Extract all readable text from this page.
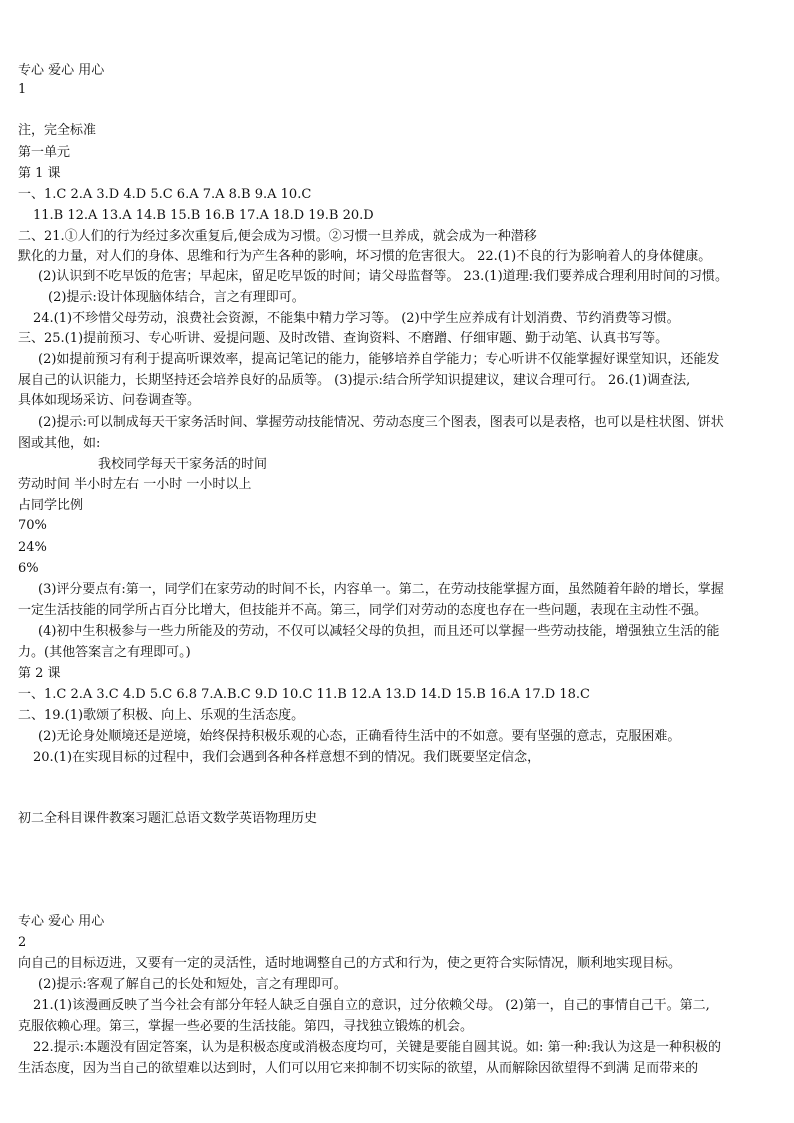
专心 爱心 用心
1
注，完全标准
第一单元
第 1 课
一、1.C 2.A 3.D 4.D 5.C 6.A 7.A 8.B 9.A 10.C
11.B 12.A 13.A 14.B 15.B 16.B 17.A 18.D 19.B 20.D
二、21.①人们的行为经过多次重复后,便会成为习惯。②习惯一旦养成，就会成为一种潜移
默化的力量，对人们的身体、思维和行为产生各种的影响，坏习惯的危害很大。 22.(1)不良的行为影响着人的身体健康。
(2)认识到不吃早饭的危害；早起床，留足吃早饭的时间；请父母监督等。 23.(1)道理:我们要养成合理利用时间的习惯。
(2)提示:设计体现脑体结合，言之有理即可。
24.(1)不珍惜父母劳动，浪费社会资源，不能集中精力学习等。 (2)中学生应养成有计划消费、节约消费等习惯。
三、25.(1)提前预习、专心听讲、爱提问题、及时改错、查询资料、不磨蹭、仔细审题、勤于动笔、认真书写等。
(2)如提前预习有利于提高听课效率，提高记笔记的能力，能够培养自学能力；专心听讲不仅能掌握好课堂知识，还能发
展自己的认识能力，长期坚持还会培养良好的品质等。 (3)提示:结合所学知识提建议，建议合理可行。 26.(1)调查法,
具体如现场采访、问卷调查等。
(2)提示:可以制成每天干家务活时间、掌握劳动技能情况、劳动态度三个图表，图表可以是表格，也可以是柱状图、饼状
图或其他，如:
我校同学每天干家务活的时间
劳动时间 半小时左右 一小时 一小时以上
占同学比例
70%
24%
6%
(3)评分要点有:第一，同学们在家劳动的时间不长，内容单一。第二，在劳动技能掌握方面，虽然随着年龄的增长，掌握
一定生活技能的同学所占百分比增大，但技能并不高。第三，同学们对劳动的态度也存在一些问题，表现在主动性不强。
(4)初中生积极参与一些力所能及的劳动，不仅可以减轻父母的负担，而且还可以掌握一些劳动技能，增强独立生活的能
力。(其他答案言之有理即可。)
第 2 课
一、1.C 2.A 3.C 4.D 5.C 6.8 7.A.B.C 9.D 10.C 11.B 12.A 13.D 14.D 15.B 16.A 17.D 18.C
二、19.(1)歌颂了积极、向上、乐观的生活态度。
(2)无论身处顺境还是逆境，始终保持积极乐观的心态，正确看待生活中的不如意。要有坚强的意志，克服困难。
20.(1)在实现目标的过程中，我们会遇到各种各样意想不到的情况。我们既要坚定信念，
初二全科目课件教案习题汇总语文数学英语物理历史
专心 爱心 用心
2
向自己的目标迈进，又要有一定的灵活性，适时地调整自己的方式和行为，使之更符合实际情况，顺利地实现目标。
(2)提示:客观了解自己的长处和短处，言之有理即可。
21.(1)该漫画反映了当今社会有部分年轻人缺乏自强自立的意识，过分依赖父母。 (2)第一，自己的事情自己干。第二,
克服依赖心理。第三，掌握一些必要的生活技能。第四，寻找独立锻炼的机会。
22.提示:本题没有固定答案，认为是积极态度或消极态度均可，关键是要能自圆其说。如: 第一种:我认为这是一种积极的
生活态度，因为当自己的欲望难以达到时，人们可以用它来抑制不切实际的欲望，从而解除因欲望得不到满 足而带来的
